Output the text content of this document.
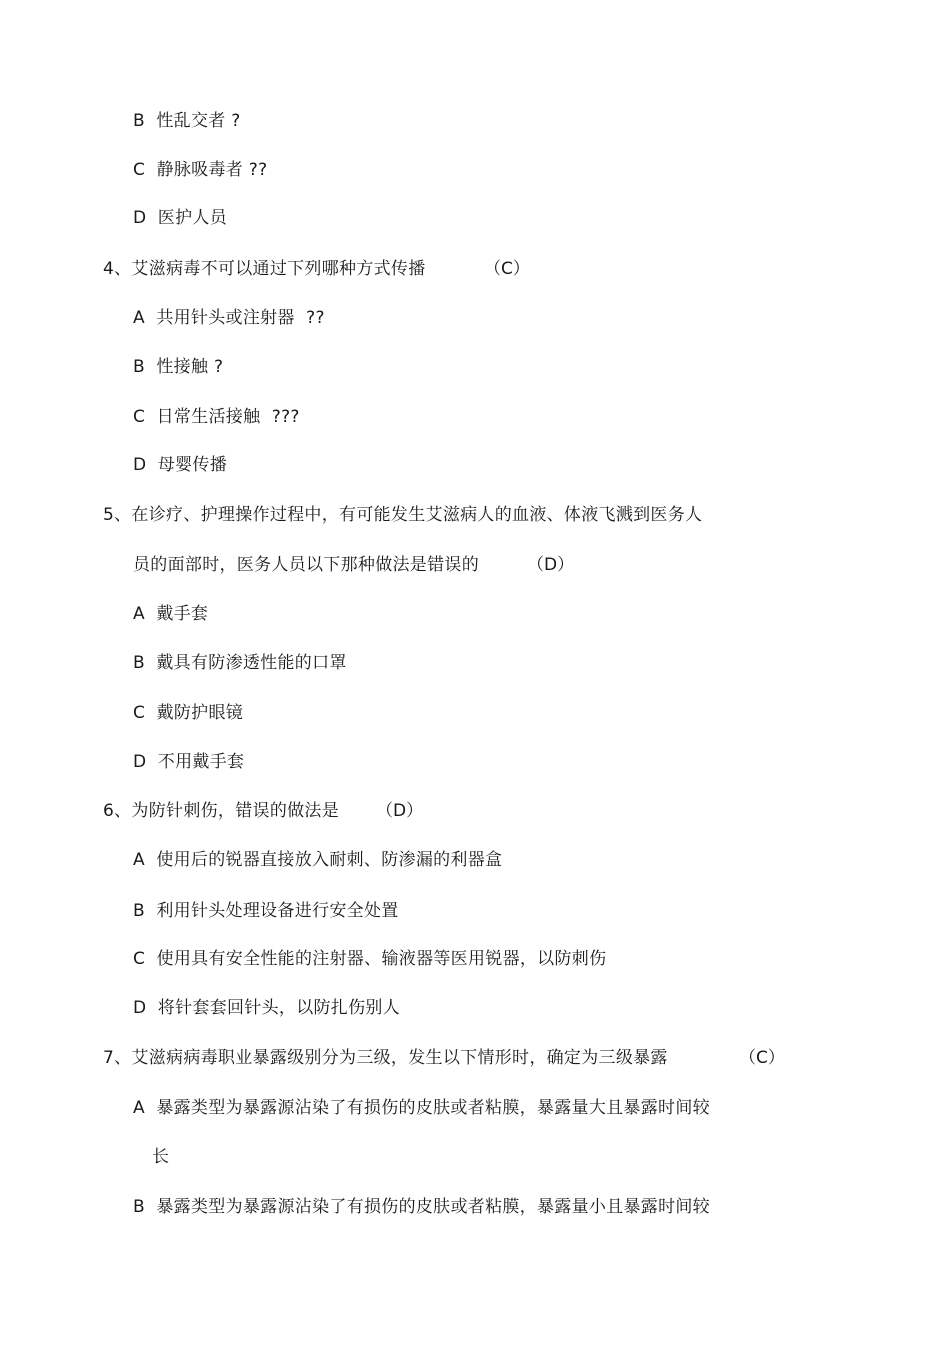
B  性乱交者 ?
C  静脉吸毒者 ??
D  医护人员
4、艾滋病毒不可以通过下列哪种方式传播	（C）
A  共用针头或注射器  ??
B  性接触 ?
C  日常生活接触  ???
D  母婴传播
5、在诊疗、护理操作过程中，有可能发生艾滋病人的血液、体液飞溅到医务人
员的面部时，医务人员以下那种做法是错误的	（D）
A  戴手套
B  戴具有防渗透性能的口罩
C  戴防护眼镜
D  不用戴手套
6、为防针刺伤，错误的做法是 （D）
A  使用后的锐器直接放入耐刺、防渗漏的利器盒
B  利用针头处理设备进行安全处置
C  使用具有安全性能的注射器、输液器等医用锐器，以防刺伤
D  将针套套回针头，以防扎伤别人
7、艾滋病病毒职业暴露级别分为三级，发生以下情形时，确定为三级暴露	（C）
A  暴露类型为暴露源沾染了有损伤的皮肤或者粘膜，暴露量大且暴露时间较
长
B  暴露类型为暴露源沾染了有损伤的皮肤或者粘膜，暴露量小且暴露时间较
